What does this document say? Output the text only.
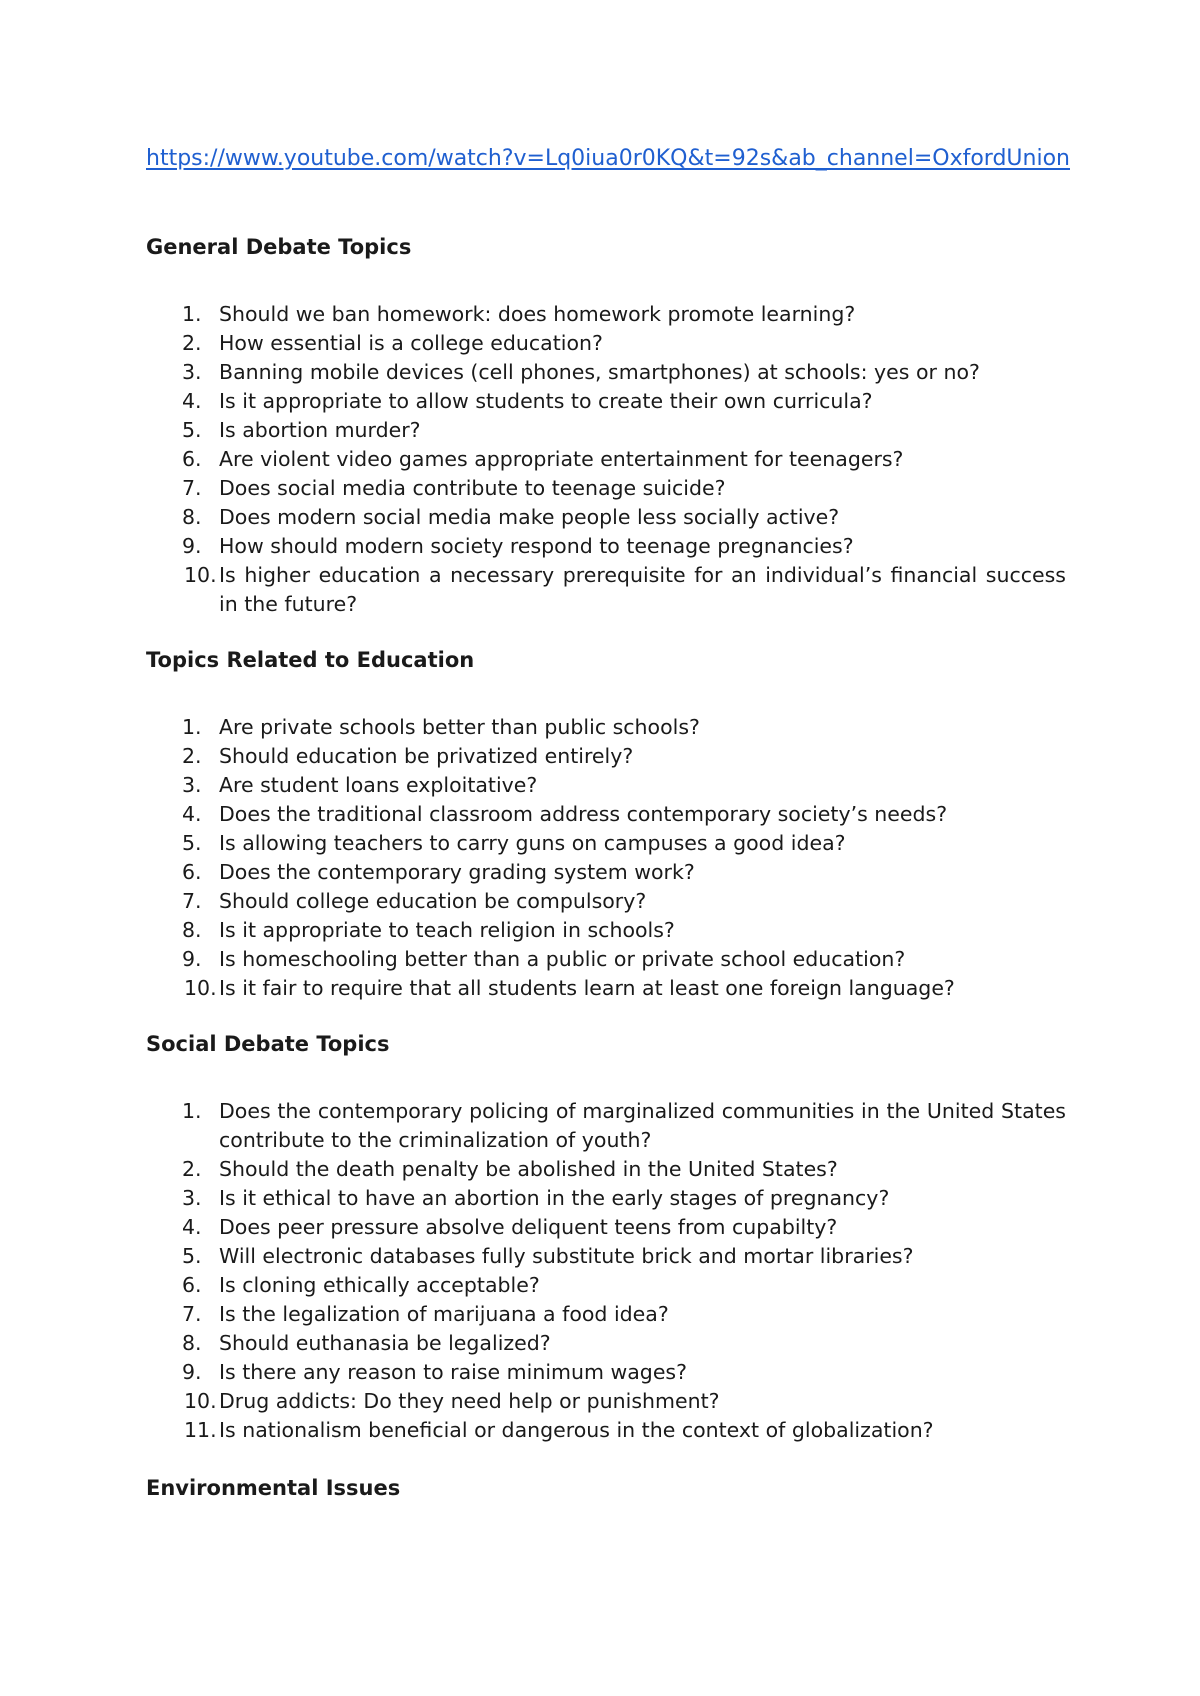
https://www.youtube.com/watch?v=Lq0iua0r0KQ&t=92s&ab_channel=OxfordUnion
General Debate Topics
1. Should we ban homework: does homework promote learning?
2. How essential is a college education?
3. Banning mobile devices (cell phones, smartphones) at schools: yes or no?
4. Is it appropriate to allow students to create their own curricula?
5. Is abortion murder?
6. Are violent video games appropriate entertainment for teenagers?
7. Does social media contribute to teenage suicide?
8. Does modern social media make people less socially active?
9. How should modern society respond to teenage pregnancies?
10. Is higher education a necessary prerequisite for an individual’s financial success in the future?
Topics Related to Education
1. Are private schools better than public schools?
2. Should education be privatized entirely?
3. Are student loans exploitative?
4. Does the traditional classroom address contemporary society’s needs?
5. Is allowing teachers to carry guns on campuses a good idea?
6. Does the contemporary grading system work?
7. Should college education be compulsory?
8. Is it appropriate to teach religion in schools?
9. Is homeschooling better than a public or private school education?
10. Is it fair to require that all students learn at least one foreign language?
Social Debate Topics
1. Does the contemporary policing of marginalized communities in the United States contribute to the criminalization of youth?
2. Should the death penalty be abolished in the United States?
3. Is it ethical to have an abortion in the early stages of pregnancy?
4. Does peer pressure absolve deliquent teens from cupabilty?
5. Will electronic databases fully substitute brick and mortar libraries?
6. Is cloning ethically acceptable?
7. Is the legalization of marijuana a food idea?
8. Should euthanasia be legalized?
9. Is there any reason to raise minimum wages?
10. Drug addicts: Do they need help or punishment?
11. Is nationalism beneficial or dangerous in the context of globalization?
Environmental Issues
